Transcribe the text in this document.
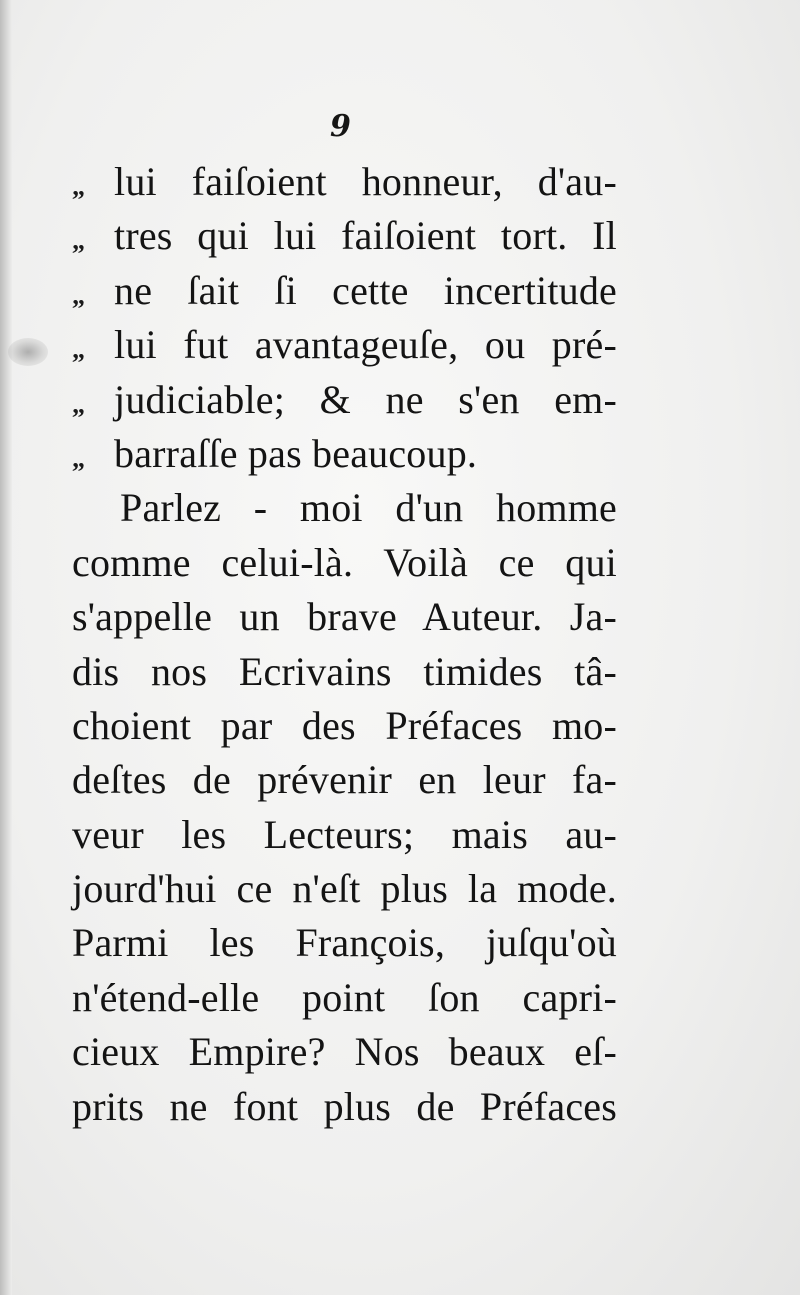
9
„ lui faiſoient honneur, d'au-
„ tres qui lui faiſoient tort. Il
„ ne ſait ſi cette incertitude
„ lui fut avantageuſe, ou pré-
„ judiciable; & ne s'en em-
„ barraſſe pas beaucoup.
Parlez - moi d'un homme
comme celui-là. Voilà ce qui
s'appelle un brave Auteur. Ja-
dis nos Ecrivains timides tâ-
choient par des Préfaces mo-
deſtes de prévenir en leur fa-
veur les Lecteurs; mais au-
jourd'hui ce n'eſt plus la mode.
Parmi les François, juſqu'où
n'étend-elle point ſon capri-
cieux Empire? Nos beaux eſ-
prits ne font plus de Préfaces
